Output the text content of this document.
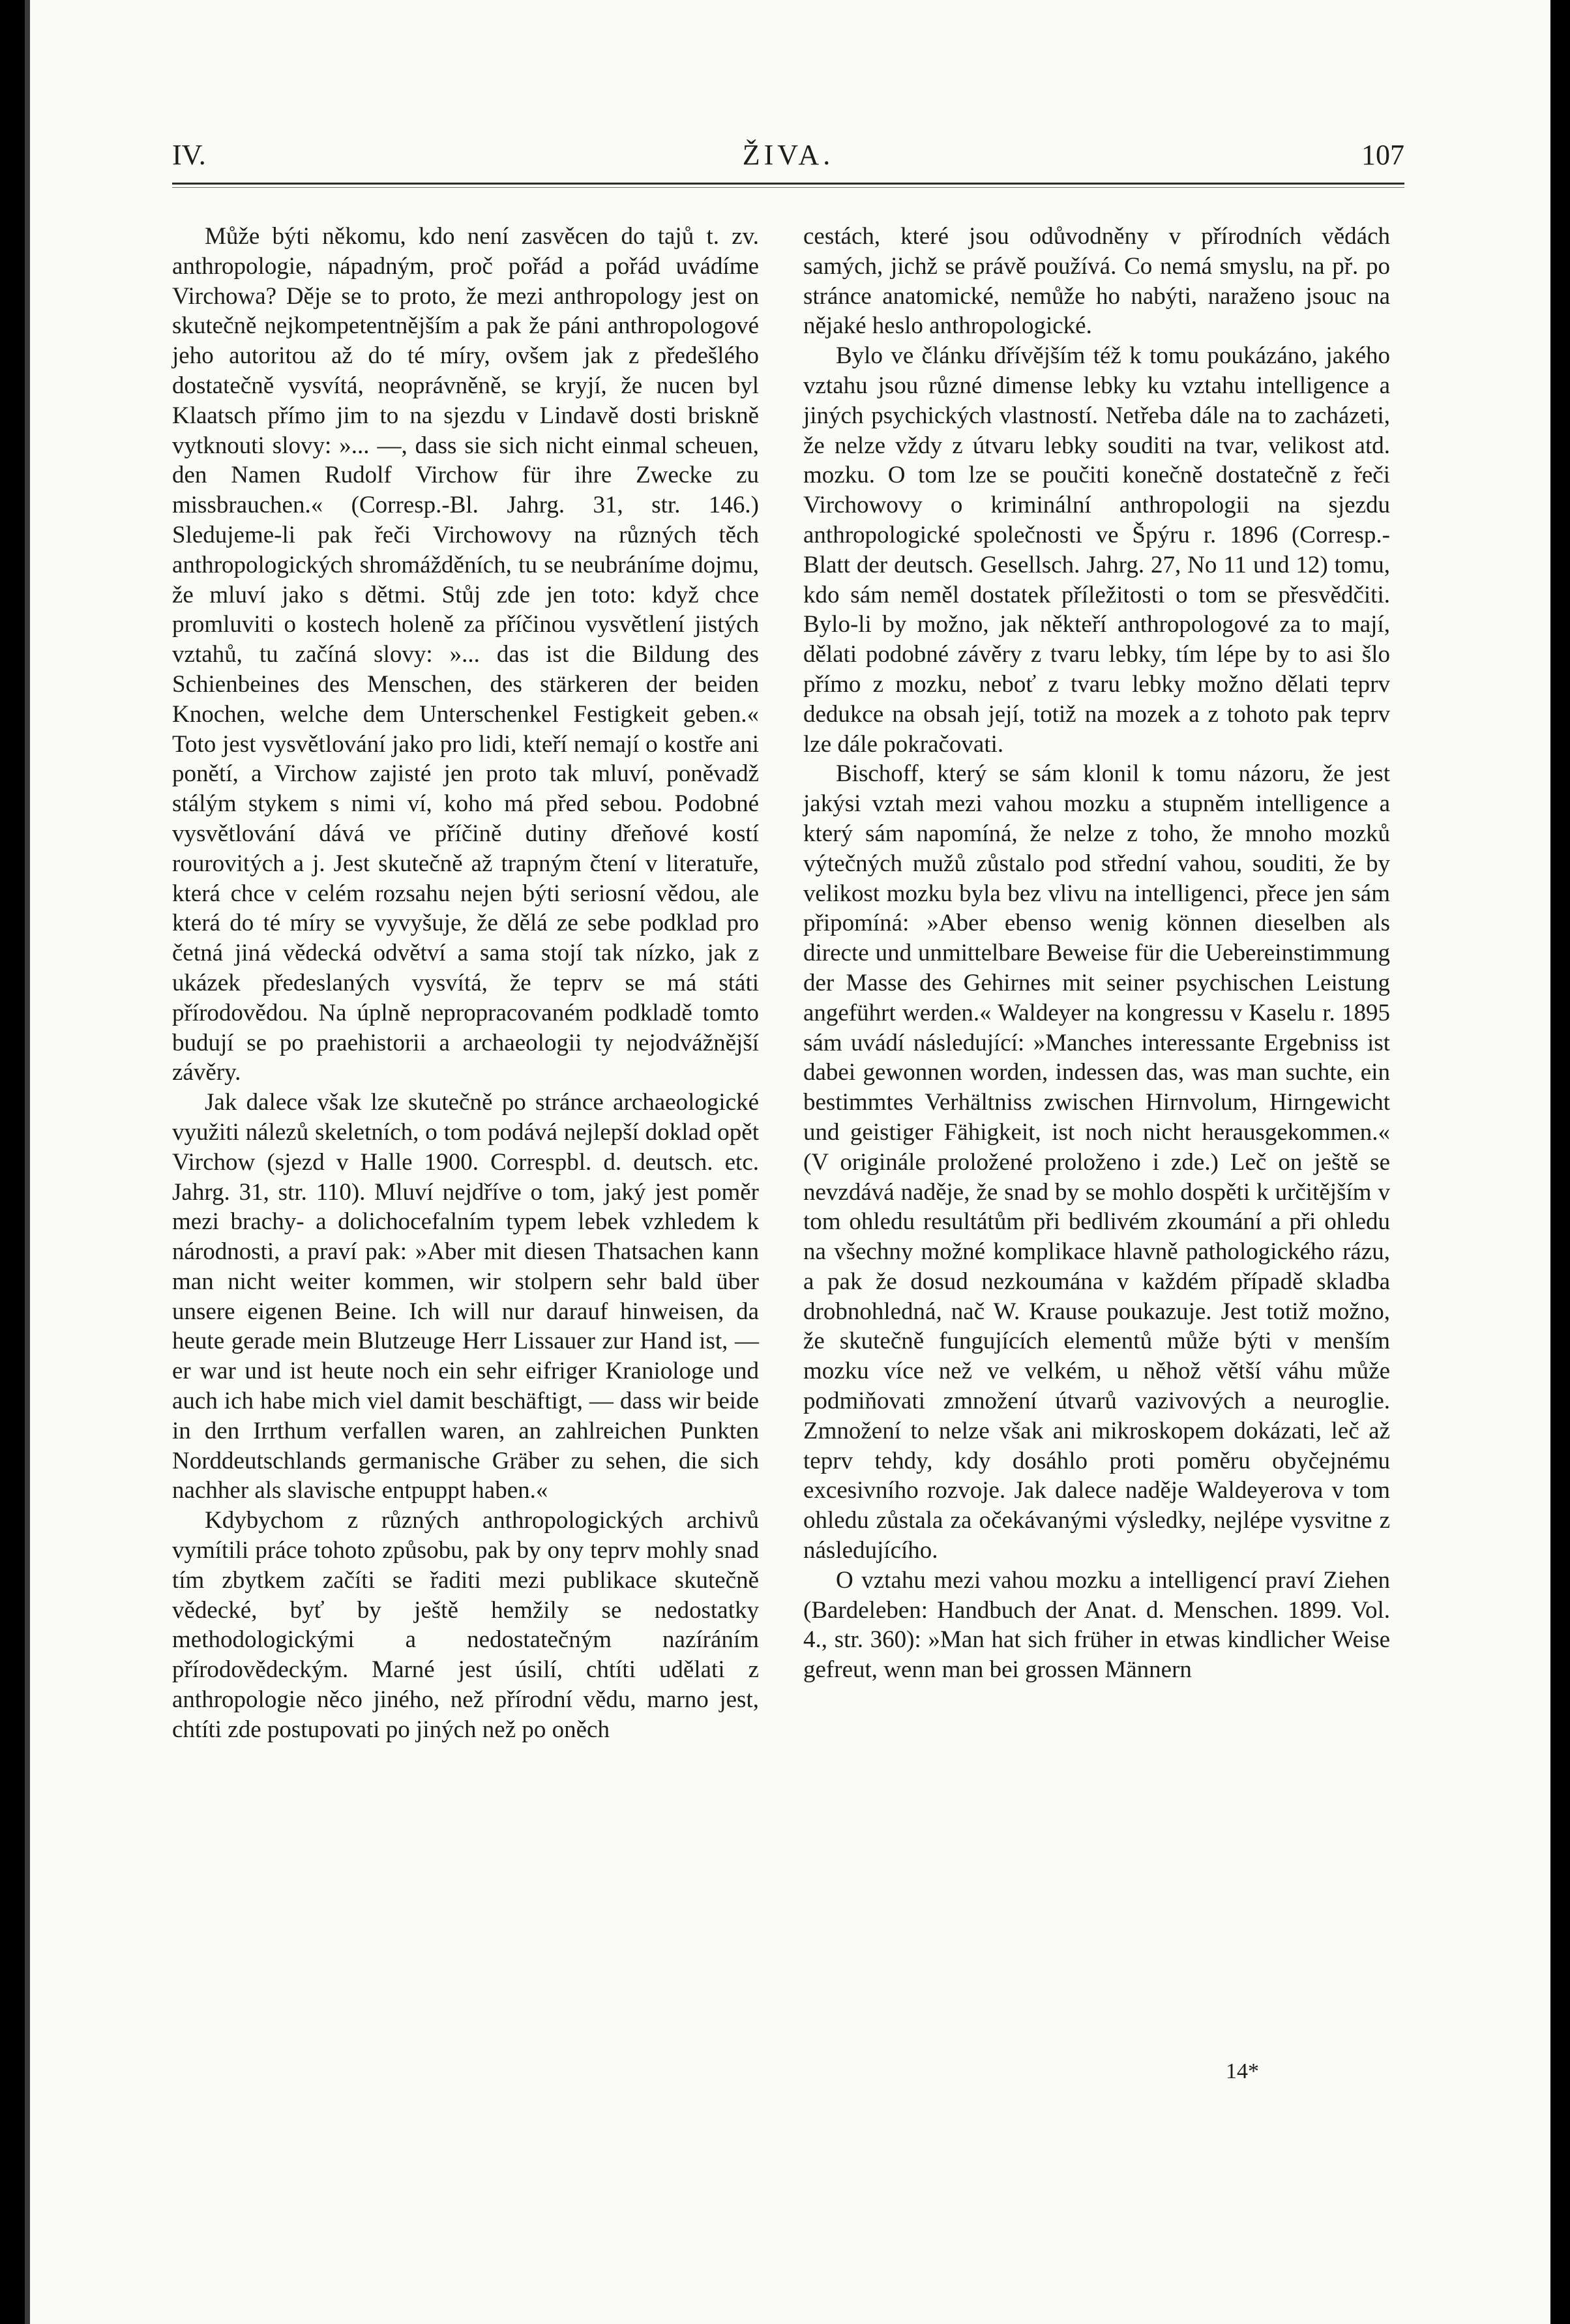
IV.	ŽIVA.	107

Může býti někomu, kdo není zasvěcen do tajů t. zv. anthropologie, nápadným, proč pořád a pořád uvádíme Virchowa? Děje se to proto, že mezi anthropology jest on skutečně nejkompetentnějším a pak že páni anthropologové jeho autoritou až do té míry, ovšem jak z předešlého dostatečně vysvítá, neoprávněně, se kryjí, že nucen byl Klaatsch přímo jim to na sjezdu v Lindavě dosti briskně vytknouti slovy: »... —, dass sie sich nicht einmal scheuen, den Namen Rudolf Virchow für ihre Zwecke zu missbrauchen.« (Corresp.-Bl. Jahrg. 31, str. 146.) Sledujeme-li pak řeči Virchowovy na různých těch anthropologických shromážděních, tu se neubráníme dojmu, že mluví jako s dětmi. Stůj zde jen toto: když chce promluviti o kostech holeně za příčinou vysvětlení jistých vztahů, tu začíná slovy: »... das ist die Bildung des Schienbeines des Menschen, des stärkeren der beiden Knochen, welche dem Unterschenkel Festigkeit geben.« Toto jest vysvětlování jako pro lidi, kteří nemají o kostře ani ponětí, a Virchow zajisté jen proto tak mluví, poněvadž stálým stykem s nimi ví, koho má před sebou. Podobné vysvětlování dává ve příčině dutiny dřeňové kostí rourovitých a j. Jest skutečně až trapným čtení v literatuře, která chce v celém rozsahu nejen býti seriosní vědou, ale která do té míry se vyvyšuje, že dělá ze sebe podklad pro četná jiná vědecká odvětví a sama stojí tak nízko, jak z ukázek předeslaných vysvítá, že teprv se má státi přírodovědou. Na úplně nepropracovaném podkladě tomto budují se po praehistorii a archaeologii ty nejodvážnější závěry.

Jak dalece však lze skutečně po stránce archaeologické využiti nálezů skeletních, o tom podává nejlepší doklad opět Virchow (sjezd v Halle 1900. Correspbl. d. deutsch. etc. Jahrg. 31, str. 110). Mluví nejdříve o tom, jaký jest poměr mezi brachy- a dolichocefalním typem lebek vzhledem k národnosti, a praví pak: »Aber mit diesen Thatsachen kann man nicht weiter kommen, wir stolpern sehr bald über unsere eigenen Beine. Ich will nur darauf hinweisen, da heute gerade mein Blutzeuge Herr Lissauer zur Hand ist, — er war und ist heute noch ein sehr eifriger Kraniologe und auch ich habe mich viel damit beschäftigt, — dass wir beide in den Irrthum verfallen waren, an zahlreichen Punkten Norddeutschlands germanische Gräber zu sehen, die sich nachher als slavische entpuppt haben.«

Kdybychom z různých anthropologických archivů vymítili práce tohoto způsobu, pak by ony teprv mohly snad tím zbytkem začíti se řaditi mezi publikace skutečně vědecké, byť by ještě hemžily se nedostatky methodologickými a nedostatečným nazíráním přírodovědeckým. Marné jest úsilí, chtíti udělati z anthropologie něco jiného, než přírodní vědu, marno jest, chtíti zde postupovati po jiných než po oněch

cestách, které jsou odůvodněny v přírodních vědách samých, jichž se právě používá. Co nemá smyslu, na př. po stránce anatomické, nemůže ho nabýti, naraženo jsouc na nějaké heslo anthropologické.

Bylo ve článku dřívějším též k tomu poukázáno, jakého vztahu jsou různé dimense lebky ku vztahu intelligence a jiných psychických vlastností. Netřeba dále na to zacházeti, že nelze vždy z útvaru lebky souditi na tvar, velikost atd. mozku. O tom lze se poučiti konečně dostatečně z řeči Virchowovy o kriminální anthropologii na sjezdu anthropologické společnosti ve Špýru r. 1896 (Corresp.-Blatt der deutsch. Gesellsch. Jahrg. 27, No 11 und 12) tomu, kdo sám neměl dostatek příležitosti o tom se přesvědčiti. Bylo-li by možno, jak někteří anthropologové za to mají, dělati podobné závěry z tvaru lebky, tím lépe by to asi šlo přímo z mozku, neboť z tvaru lebky možno dělati teprv dedukce na obsah její, totiž na mozek a z tohoto pak teprv lze dále pokračovati.

Bischoff, který se sám klonil k tomu názoru, že jest jakýsi vztah mezi vahou mozku a stupněm intelligence a který sám napomíná, že nelze z toho, že mnoho mozků výtečných mužů zůstalo pod střední vahou, souditi, že by velikost mozku byla bez vlivu na intelligenci, přece jen sám připomíná: »Aber ebenso wenig können dieselben als directe und unmittelbare Beweise für die Uebereinstimmung der Masse des Gehirnes mit seiner psychischen Leistung angeführt werden.« Waldeyer na kongressu v Kaselu r. 1895 sám uvádí následující: »Manches interessante Ergebniss ist dabei gewonnen worden, indessen das, was man suchte, ein bestimmtes Verhältniss zwischen Hirnvolum, Hirngewicht und geistiger Fähigkeit, ist noch nicht herausgekommen.« (V originále proložené proloženo i zde.) Leč on ještě se nevzdává naděje, že snad by se mohlo dospěti k určitějším v tom ohledu resultátům při bedlivém zkoumání a při ohledu na všechny možné komplikace hlavně pathologického rázu, a pak že dosud nezkoumána v každém případě skladba drobnohledná, nač W. Krause poukazuje. Jest totiž možno, že skutečně fungujících elementů může býti v menším mozku více než ve velkém, u něhož větší váhu může podmiňovati zmnožení útvarů vazivových a neuroglie. Zmnožení to nelze však ani mikroskopem dokázati, leč až teprv tehdy, kdy dosáhlo proti poměru obyčejnému excesivního rozvoje. Jak dalece naděje Waldeyerova v tom ohledu zůstala za očekávanými výsledky, nejlépe vysvitne z následujícího.

O vztahu mezi vahou mozku a intelligencí praví Ziehen (Bardeleben: Handbuch der Anat. d. Menschen. 1899. Vol. 4., str. 360): »Man hat sich früher in etwas kindlicher Weise gefreut, wenn man bei grossen Männern

14*
